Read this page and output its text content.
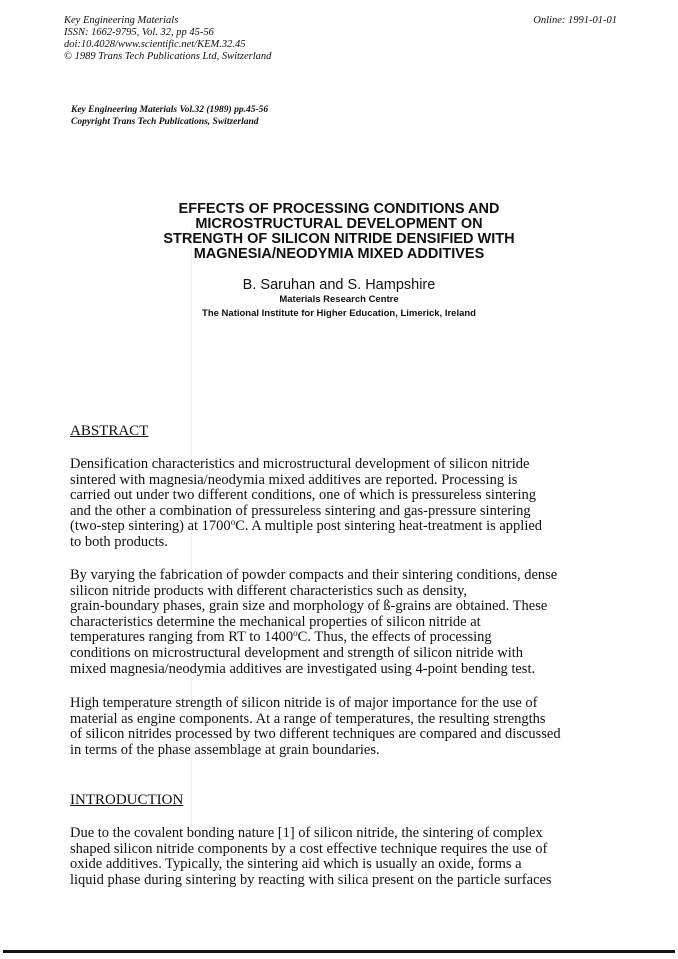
Key Engineering Materials
ISSN: 1662-9795, Vol. 32, pp 45-56
doi:10.4028/www.scientific.net/KEM.32.45
© 1989 Trans Tech Publications Ltd, Switzerland
Online: 1991-01-01
Key Engineering Materials Vol.32 (1989) pp.45-56
Copyright Trans Tech Publications, Switzerland
EFFECTS OF PROCESSING CONDITIONS AND
MICROSTRUCTURAL DEVELOPMENT ON
STRENGTH OF SILICON NITRIDE DENSIFIED WITH
MAGNESIA/NEODYMIA MIXED ADDITIVES
B. Saruhan and S. Hampshire
Materials Research Centre
The National Institute for Higher Education, Limerick, Ireland
ABSTRACT
Densification characteristics and microstructural development of silicon nitride
sintered with magnesia/neodymia mixed additives are reported. Processing is
carried out under two different conditions, one of which is pressureless sintering
and the other a combination of pressureless sintering and gas-pressure sintering
(two-step sintering) at 1700$^o$C. A multiple post sintering heat-treatment is applied
to both products.
By varying the fabrication of powder compacts and their sintering conditions, dense
silicon nitride products with different characteristics such as density,
grain-boundary phases, grain size and morphology of ß-grains are obtained. These
characteristics determine the mechanical properties of silicon nitride at
temperatures ranging from RT to 1400$^o$C. Thus, the effects of processing
conditions on microstructural development and strength of silicon nitride with
mixed magnesia/neodymia additives are investigated using 4-point bending test.
High temperature strength of silicon nitride is of major importance for the use of
material as engine components. At a range of temperatures, the resulting strengths
of silicon nitrides processed by two different techniques are compared and discussed
in terms of the phase assemblage at grain boundaries.
INTRODUCTION
Due to the covalent bonding nature [1] of silicon nitride, the sintering of complex
shaped silicon nitride components by a cost effective technique requires the use of
oxide additives. Typically, the sintering aid which is usually an oxide, forms a
liquid phase during sintering by reacting with silica present on the particle surfaces
